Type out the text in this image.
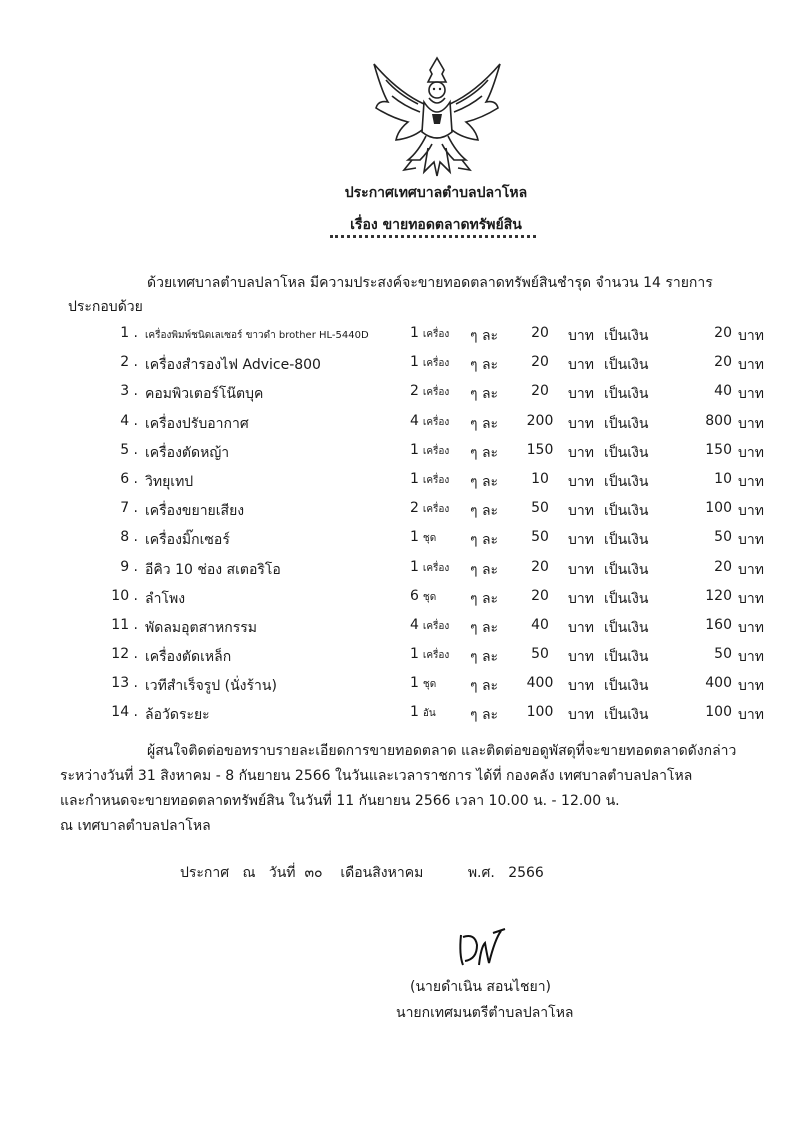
ประกาศเทศบาลตำบลปลาโหล
เรื่อง ขายทอดตลาดทรัพย์สิน
ด้วยเทศบาลตำบลปลาโหล มีความประสงค์จะขายทอดตลาดทรัพย์สินชำรุด จำนวน 14 รายการ
ประกอบด้วย
1 . เครื่องพิมพ์ชนิดเลเซอร์ ขาวดำ brother HL-5440D	1 เครื่อง ๆ ละ	20	บาท เป็นเงิน	20 บาท
2 . เครื่องสำรองไฟ Advice-800	1 เครื่อง ๆ ละ	20	บาท เป็นเงิน	20 บาท
3 . คอมพิวเตอร์โน๊ตบุค	2 เครื่อง ๆ ละ	20	บาท เป็นเงิน	40 บาท
4 . เครื่องปรับอากาศ	4 เครื่อง ๆ ละ	200	บาท เป็นเงิน	800 บาท
5 . เครื่องตัดหญ้า	1 เครื่อง ๆ ละ	150	บาท เป็นเงิน	150 บาท
6 . วิทยุเทป	1 เครื่อง ๆ ละ	10	บาท เป็นเงิน	10 บาท
7 . เครื่องขยายเสียง	2 เครื่อง ๆ ละ	50	บาท เป็นเงิน	100 บาท
8 . เครื่องมิ๊กเซอร์	1 ชุด ๆ ละ	50	บาท เป็นเงิน	50 บาท
9 . อีคิว 10 ช่อง สเตอริโอ	1 เครื่อง ๆ ละ	20	บาท เป็นเงิน	20 บาท
10 . ลำโพง	6 ชุด ๆ ละ	20	บาท เป็นเงิน	120 บาท
11 . พัดลมอุตสาหกรรม	4 เครื่อง ๆ ละ	40	บาท เป็นเงิน	160 บาท
12 . เครื่องตัดเหล็ก	1 เครื่อง ๆ ละ	50	บาท เป็นเงิน	50 บาท
13 . เวทีสำเร็จรูป (นั่งร้าน)	1 ชุด ๆ ละ	400	บาท เป็นเงิน	400 บาท
14 . ล้อวัดระยะ	1 อัน ๆ ละ	100	บาท เป็นเงิน	100 บาท
ผู้สนใจติดต่อขอทราบรายละเอียดการขายทอดตลาด และติดต่อขอดูพัสดุที่จะขายทอดตลาดดังกล่าว
ระหว่างวันที่ 31 สิงหาคม - 8 กันยายน 2566 ในวันและเวลาราชการ ได้ที่ กองคลัง เทศบาลตำบลปลาโหล
และกำหนดจะขายทอดตลาดทรัพย์สิน ในวันที่ 11 กันยายน 2566 เวลา 10.00 น. - 12.00 น.
ณ เทศบาลตำบลปลาโหล
ประกาศ ณ วันที่ ๓๐ เดือนสิงหาคม	พ.ศ. 2566
(นายดำเนิน สอนไชยา)
นายกเทศมนตรีตำบลปลาโหล
